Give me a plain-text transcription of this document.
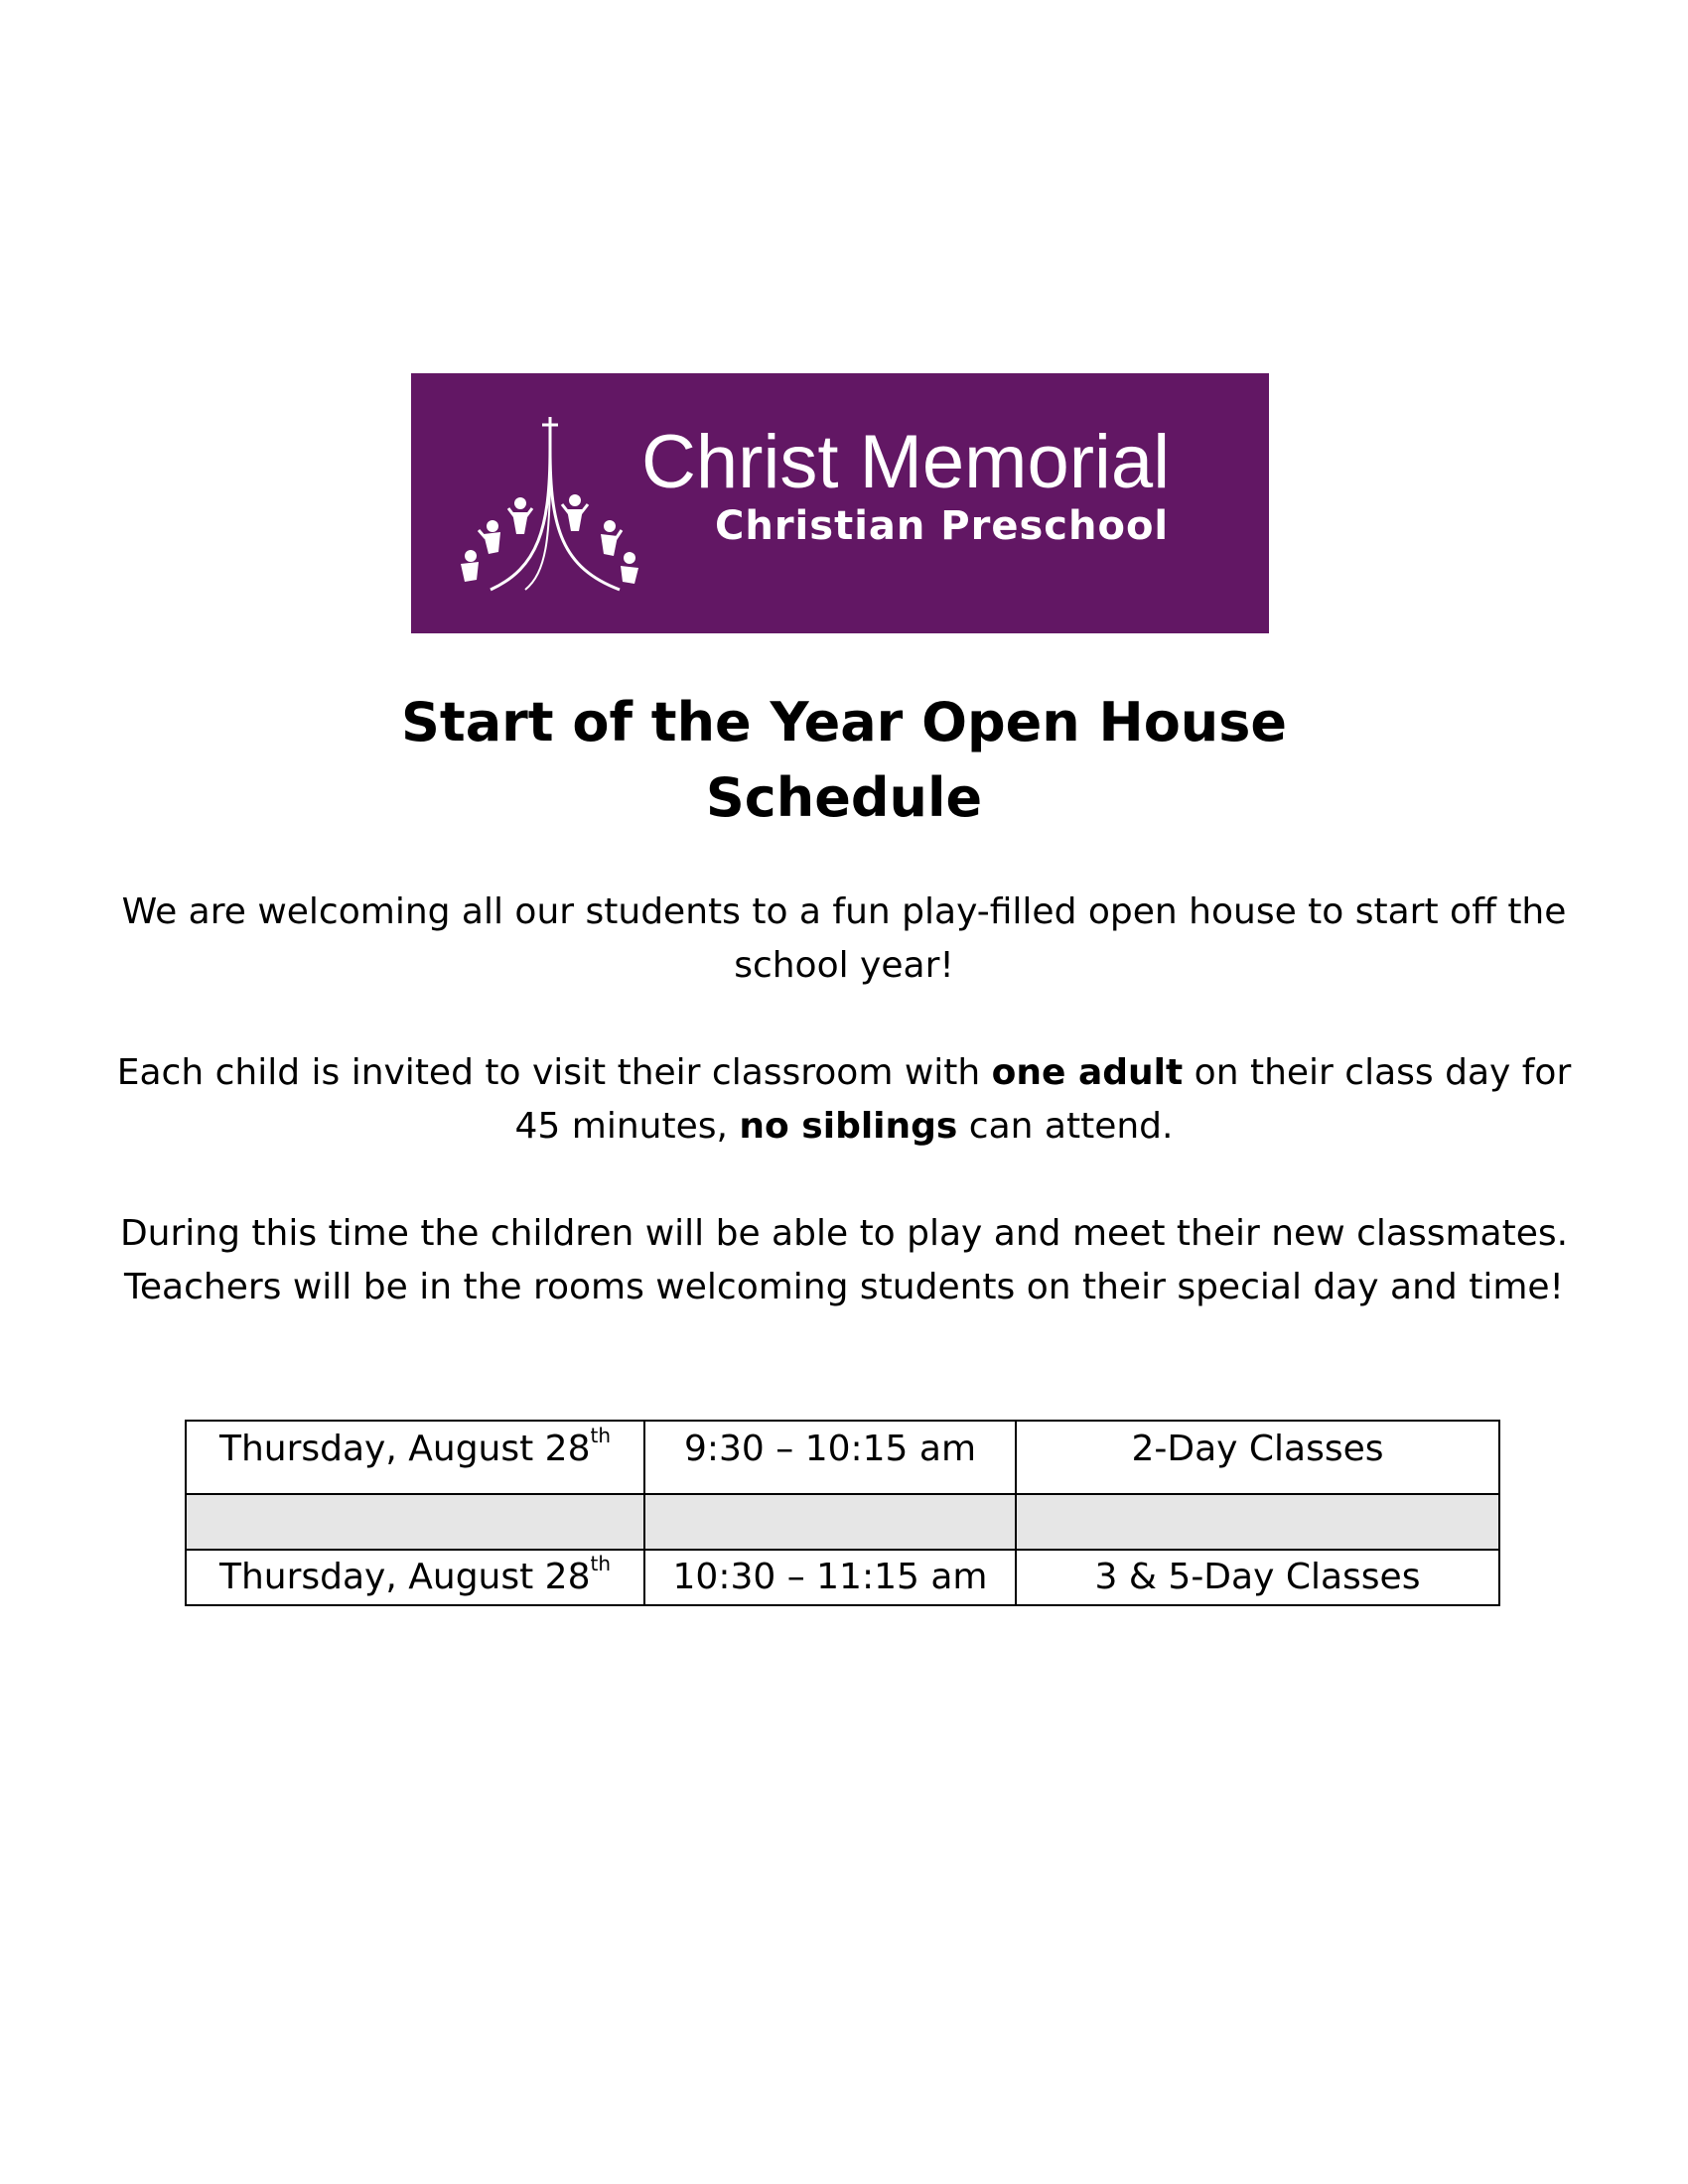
Christ Memorial
Christian Preschool
Start of the Year Open House
Schedule

We are welcoming all our students to a fun play-filled open house to start off the school year!

Each child is invited to visit their classroom with one adult on their class day for 45 minutes, no siblings can attend.

During this time the children will be able to play and meet their new classmates. Teachers will be in the rooms welcoming students on their special day and time!

Thursday, August 28th	9:30 – 10:15 am	2-Day Classes

Thursday, August 28th	10:30 – 11:15 am	3 & 5-Day Classes
